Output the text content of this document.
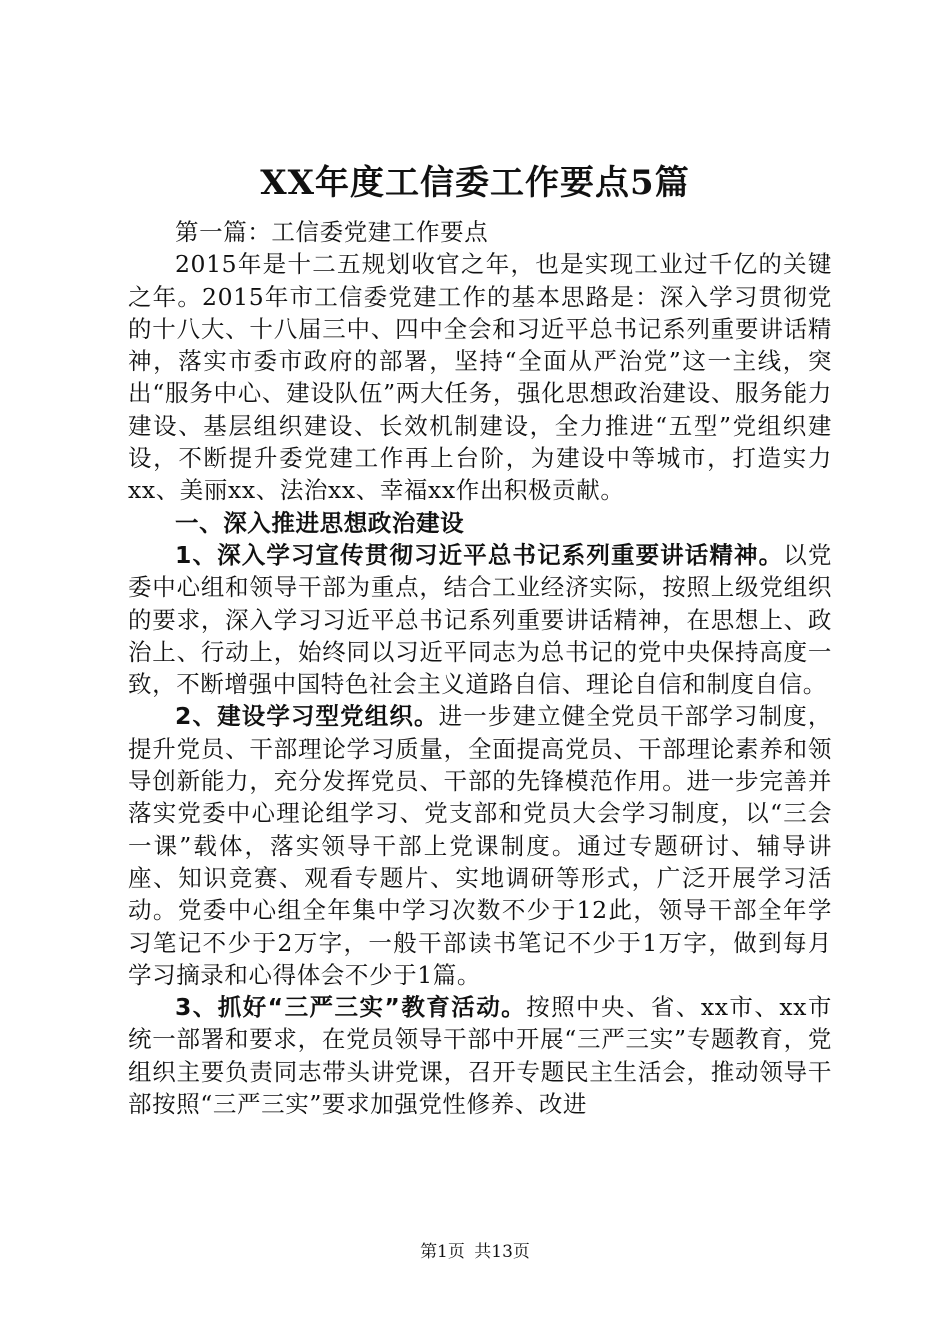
XX年度工信委工作要点5篇

第一篇：工信委党建工作要点

2015年是十二五规划收官之年，也是实现工业过千亿的关键之年。2015年市工信委党建工作的基本思路是：深入学习贯彻党的十八大、十八届三中、四中全会和习近平总书记系列重要讲话精神，落实市委市政府的部署，坚持“全面从严治党”这一主线，突出“服务中心、建设队伍”两大任务，强化思想政治建设、服务能力建设、基层组织建设、长效机制建设，全力推进“五型”党组织建设，不断提升委党建工作再上台阶，为建设中等城市，打造实力xx、美丽xx、法治xx、幸福xx作出积极贡献。

一、深入推进思想政治建设

1、深入学习宣传贯彻习近平总书记系列重要讲话精神。以党委中心组和领导干部为重点，结合工业经济实际，按照上级党组织的要求，深入学习习近平总书记系列重要讲话精神，在思想上、政治上、行动上，始终同以习近平同志为总书记的党中央保持高度一致，不断增强中国特色社会主义道路自信、理论自信和制度自信。

2、建设学习型党组织。进一步建立健全党员干部学习制度，提升党员、干部理论学习质量，全面提高党员、干部理论素养和领导创新能力，充分发挥党员、干部的先锋模范作用。进一步完善并落实党委中心理论组学习、党支部和党员大会学习制度，以“三会一课”载体，落实领导干部上党课制度。通过专题研讨、辅导讲座、知识竞赛、观看专题片、实地调研等形式，广泛开展学习活动。党委中心组全年集中学习次数不少于12此，领导干部全年学习笔记不少于2万字，一般干部读书笔记不少于1万字，做到每月学习摘录和心得体会不少于1篇。

3、抓好“三严三实”教育活动。按照中央、省、xx市、xx市统一部署和要求，在党员领导干部中开展“三严三实”专题教育，党组织主要负责同志带头讲党课，召开专题民主生活会，推动领导干部按照“三严三实”要求加强党性修养、改进

第1页 共13页
